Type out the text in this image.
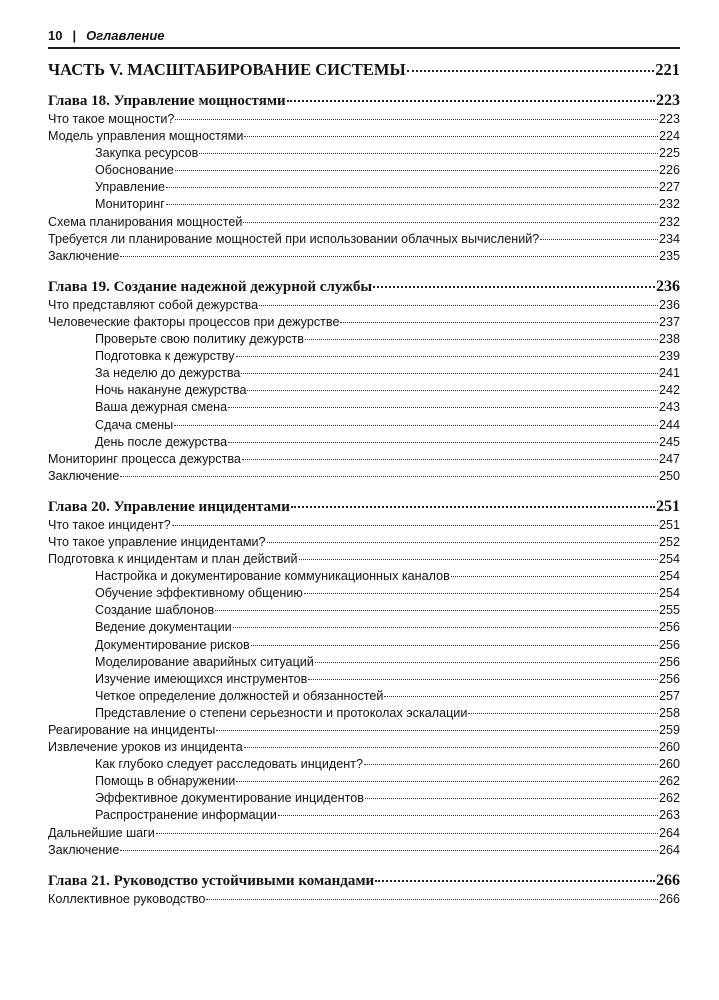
10 | Оглавление
ЧАСТЬ V. МАСШТАБИРОВАНИЕ СИСТЕМЫ	221
Глава 18. Управление мощностями	223
Что такое мощности?	223
Модель управления мощностями	224
Закупка ресурсов	225
Обоснование	226
Управление	227
Мониторинг	232
Схема планирования мощностей	232
Требуется ли планирование мощностей при использовании облачных вычислений?	234
Заключение	235
Глава 19. Создание надежной дежурной службы	236
Что представляют собой дежурства	236
Человеческие факторы процессов при дежурстве	237
Проверьте свою политику дежурств	238
Подготовка к дежурству	239
За неделю до дежурства	241
Ночь накануне дежурства	242
Ваша дежурная смена	243
Сдача смены	244
День после дежурства	245
Мониторинг процесса дежурства	247
Заключение	250
Глава 20. Управление инцидентами	251
Что такое инцидент?	251
Что такое управление инцидентами?	252
Подготовка к инцидентам и план действий	254
Настройка и документирование коммуникационных каналов	254
Обучение эффективному общению	254
Создание шаблонов	255
Ведение документации	256
Документирование рисков	256
Моделирование аварийных ситуаций	256
Изучение имеющихся инструментов	256
Четкое определение должностей и обязанностей	257
Представление о степени серьезности и протоколах эскалации	258
Реагирование на инциденты	259
Извлечение уроков из инцидента	260
Как глубоко следует расследовать инцидент?	260
Помощь в обнаружении	262
Эффективное документирование инцидентов	262
Распространение информации	263
Дальнейшие шаги	264
Заключение	264
Глава 21. Руководство устойчивыми командами	266
Коллективное руководство	266
